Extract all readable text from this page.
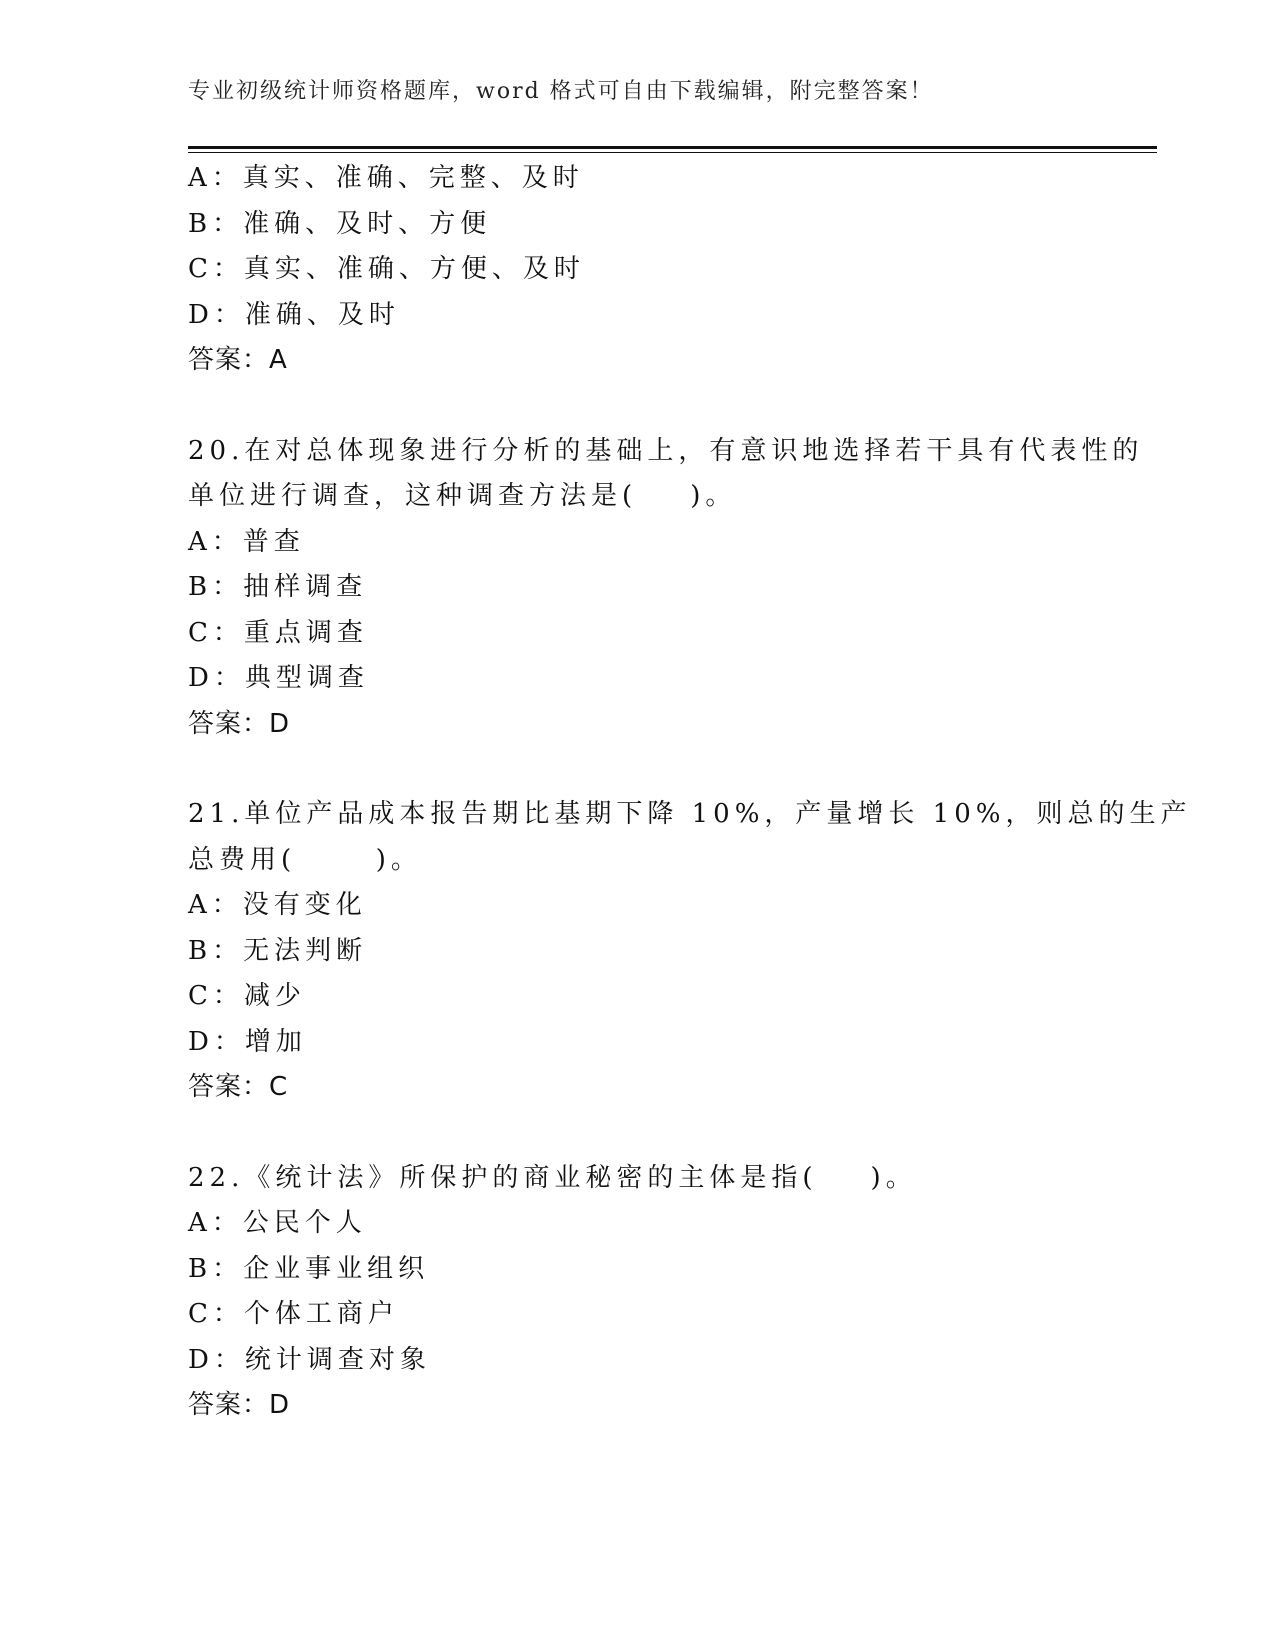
专业初级统计师资格题库，word 格式可自由下载编辑，附完整答案！
A：真实、准确、完整、及时
B：准确、及时、方便
C：真实、准确、方便、及时
D：准确、及时
答案：A
20.在对总体现象进行分析的基础上，有意识地选择若干具有代表性的
单位进行调查，这种调查方法是(    )。
A：普查
B：抽样调查
C：重点调查
D：典型调查
答案：D
21.单位产品成本报告期比基期下降 10%，产量增长 10%，则总的生产
总费用(      )。
A：没有变化
B：无法判断
C：减少
D：增加
答案：C
22.《统计法》所保护的商业秘密的主体是指(    )。
A：公民个人
B：企业事业组织
C：个体工商户
D：统计调查对象
答案：D
